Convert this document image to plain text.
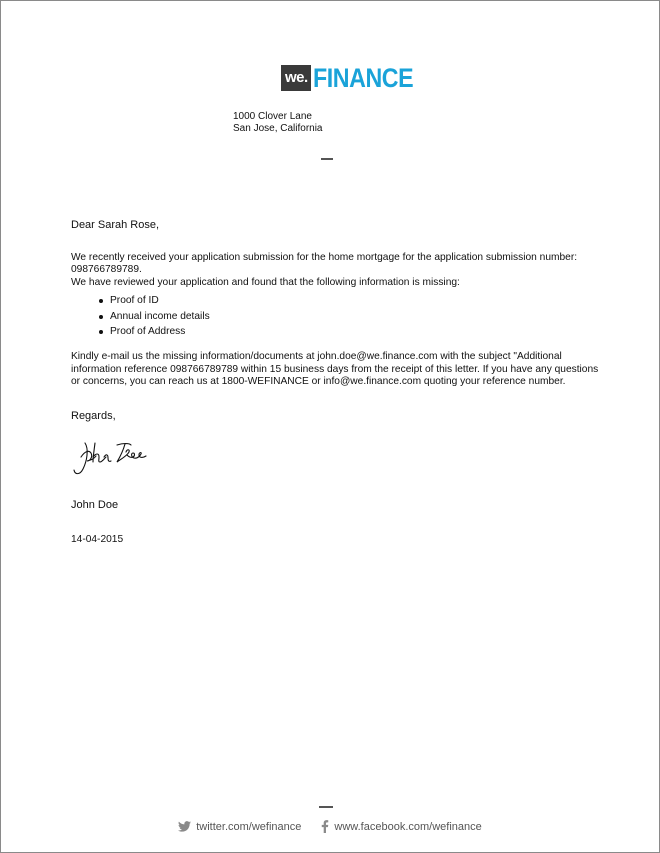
we. FINANCE
1000 Clover Lane
San Jose, California

Dear Sarah Rose,

We recently received your application submission for the home mortgage for the application submission number: 098766789789.

We have reviewed your application and found that the following information is missing:

Proof of ID
Annual income details
Proof of Address

Kindly e-mail us the missing information/documents at john.doe@we.finance.com with the subject "Additional information reference 098766789789 within 15 business days from the receipt of this letter. If you have any questions or concerns, you can reach us at 1800-WEFINANCE or info@we.finance.com quoting your reference number.

Regards,
John Doe
14-04-2015
twitter.com/wefinance	www.facebook.com/wefinance
